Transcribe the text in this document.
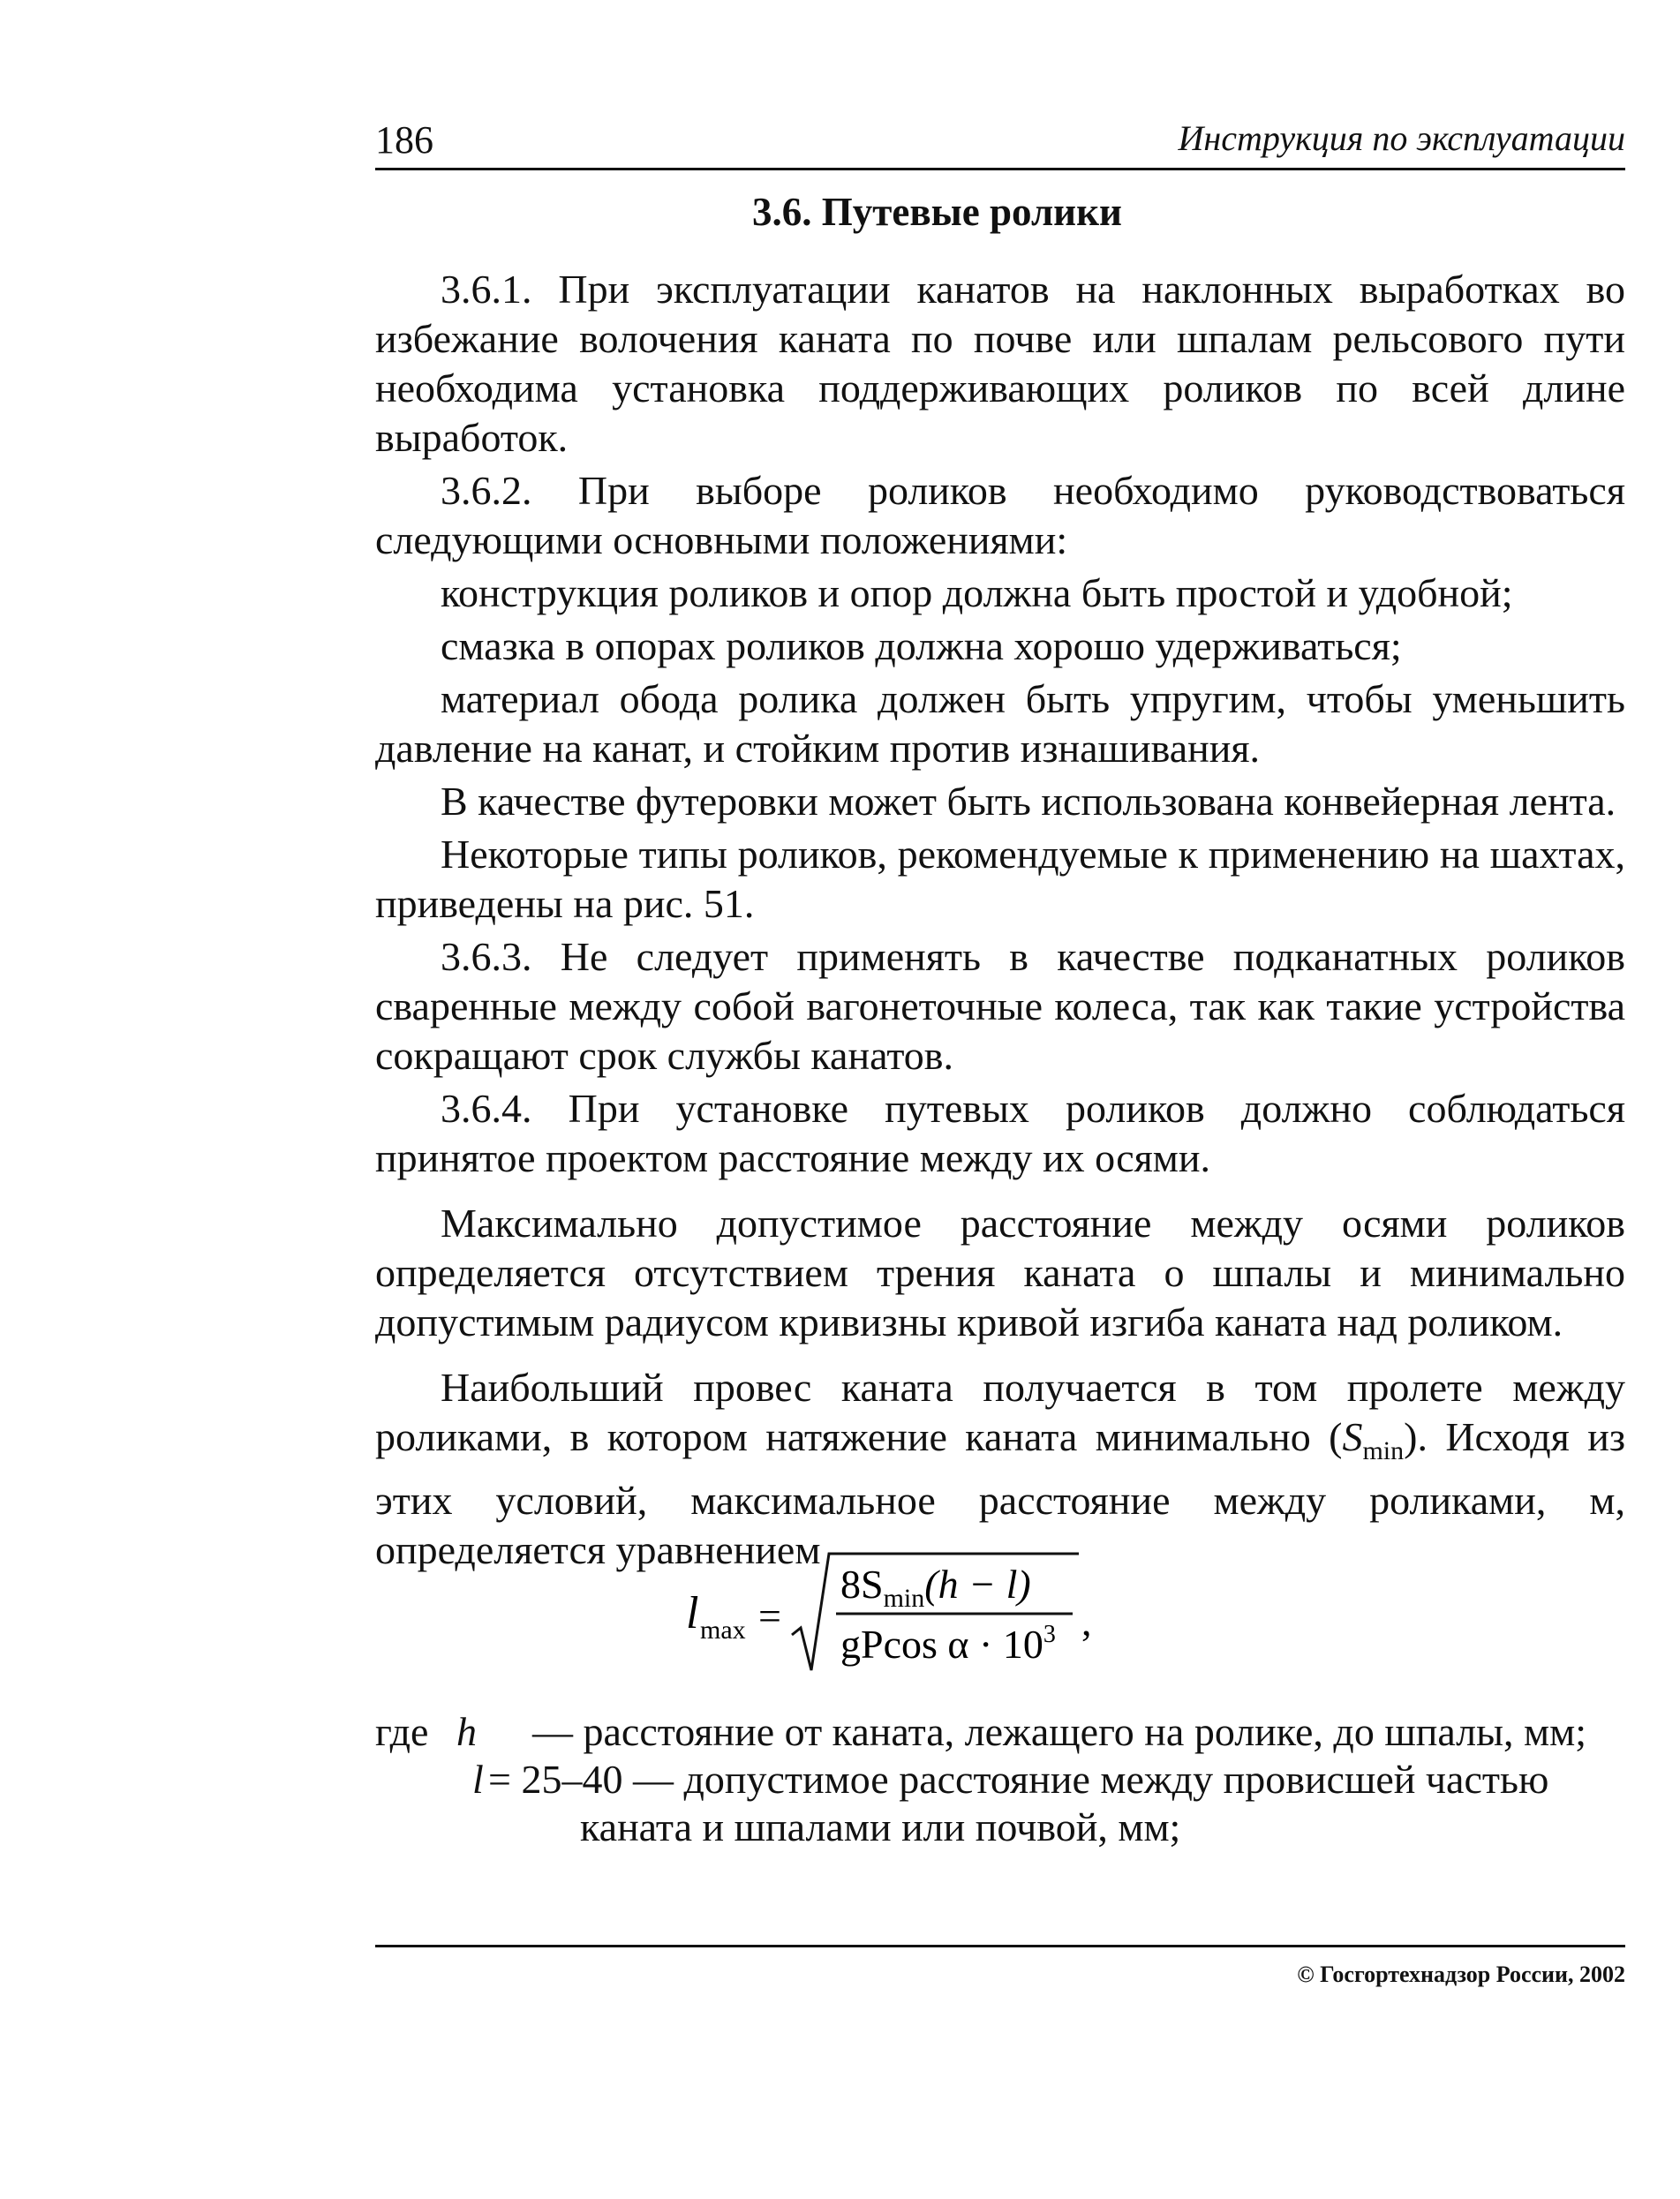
186	Инструкция по эксплуатации
3.6. Путевые ролики

3.6.1. При эксплуатации канатов на наклонных выработках во избежание волочения каната по почве или шпалам рельсового пути необходима установка поддерживающих роликов по всей длине выработок.

3.6.2. При выборе роликов необходимо руководствоваться следующими основными положениями:

конструкция роликов и опор должна быть простой и удобной;

смазка в опорах роликов должна хорошо удерживаться;

материал обода ролика должен быть упругим, чтобы уменьшить давление на канат, и стойким против изнашивания.

В качестве футеровки может быть использована конвейерная лента.

Некоторые типы роликов, рекомендуемые к применению на шахтах, приведены на рис. 51.

3.6.3. Не следует применять в качестве подканатных роликов сваренные между собой вагонеточные колеса, так как такие устройства сокращают срок службы канатов.

3.6.4. При установке путевых роликов должно соблюдаться принятое проектом расстояние между их осями.

Максимально допустимое расстояние между осями роликов определяется отсутствием трения каната о шпалы и минимально допустимым радиусом кривизны кривой изгиба каната над роликом.

Наибольший провес каната получается в том пролете между роликами, в котором натяжение каната минимально $(S_{min})$. Исходя из этих условий, максимальное расстояние между роликами, м, определяется уравнением

l max =
$8S_{min}(h - l)$
gPcos $\alpha \cdot 10^3$ ,
где h — расстояние от каната, лежащего на ролике, до шпалы, мм;
l = 25–40 — допустимое расстояние между провисшей частью
каната и шпалами или почвой, мм;
© Госгортехнадзор России, 2002
